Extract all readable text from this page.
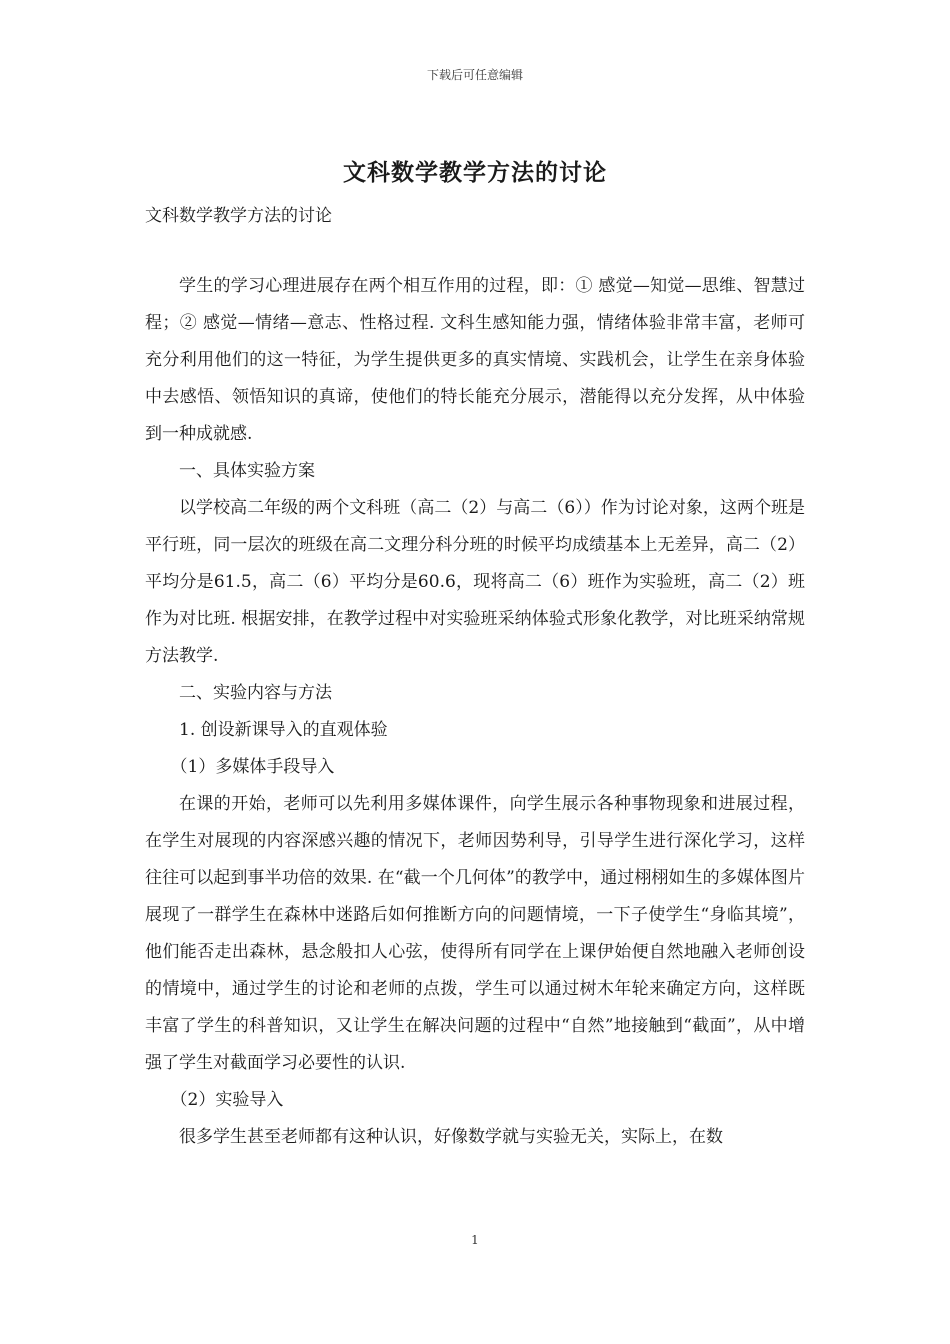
下载后可任意编辑
文科数学教学方法的讨论
文科数学教学方法的讨论

学生的学习心理进展存在两个相互作用的过程，即：① 感觉—知觉—思维、智慧过程；② 感觉—情绪—意志、性格过程. 文科生感知能力强，情绪体验非常丰富，老师可充分利用他们的这一特征，为学生提供更多的真实情境、实践机会，让学生在亲身体验中去感悟、领悟知识的真谛，使他们的特长能充分展示，潜能得以充分发挥，从中体验到一种成就感.

一、具体实验方案

以学校高二年级的两个文科班（高二（2）与高二（6））作为讨论对象，这两个班是平行班，同一层次的班级在高二文理分科分班的时候平均成绩基本上无差异，高二（2）平均分是61.5，高二（6）平均分是60.6，现将高二（6）班作为实验班，高二（2）班作为对比班. 根据安排，在教学过程中对实验班采纳体验式形象化教学，对比班采纳常规方法教学.

二、实验内容与方法

1. 创设新课导入的直观体验

（1）多媒体手段导入

在课的开始，老师可以先利用多媒体课件，向学生展示各种事物现象和进展过程，在学生对展现的内容深感兴趣的情况下，老师因势利导，引导学生进行深化学习，这样往往可以起到事半功倍的效果. 在“截一个几何体”的教学中，通过栩栩如生的多媒体图片展现了一群学生在森林中迷路后如何推断方向的问题情境，一下子使学生“身临其境”，他们能否走出森林，悬念般扣人心弦，使得所有同学在上课伊始便自然地融入老师创设的情境中，通过学生的讨论和老师的点拨，学生可以通过树木年轮来确定方向，这样既丰富了学生的科普知识，又让学生在解决问题的过程中“自然”地接触到“截面”，从中增强了学生对截面学习必要性的认识.

（2）实验导入

很多学生甚至老师都有这种认识，好像数学就与实验无关，实际上，在数

1
